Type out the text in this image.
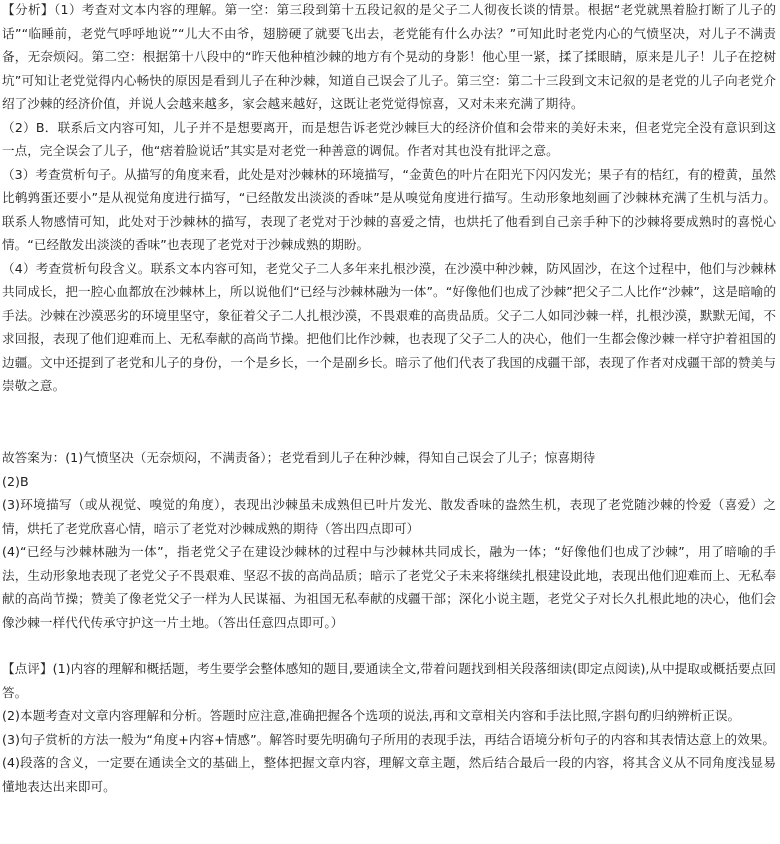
【分析】（1）考查对文本内容的理解。第一空：第三段到第十五段记叙的是父子二人彻夜长谈的情景。根据“老党就黑着脸打断了儿子的话”“临睡前，老党气呼呼地说”“儿大不由爷，翅膀硬了就要飞出去，老党能有什么办法？”可知此时老党内心的气愤坚决，对儿子不满责备，无奈烦闷。第二空：根据第十八段中的“昨天他种植沙棘的地方有个晃动的身影！他心里一紧，揉了揉眼睛，原来是儿子！儿子在挖树坑”可知让老党觉得内心畅快的原因是看到儿子在种沙棘，知道自己误会了儿子。第三空：第二十三段到文末记叙的是老党的儿子向老党介绍了沙棘的经济价值，并说人会越来越多，家会越来越好，这既让老党觉得惊喜，又对未来充满了期待。

（2）B．联系后文内容可知，儿子并不是想要离开，而是想告诉老党沙棘巨大的经济价值和会带来的美好未来，但老党完全没有意识到这一点，完全误会了儿子，他“痞着脸说话”其实是对老党一种善意的调侃。作者对其也没有批评之意。

（3）考查赏析句子。从描写的角度来看，此处是对沙棘林的环境描写，“金黄色的叶片在阳光下闪闪发光；果子有的桔红，有的橙黄，虽然比鹌鹑蛋还要小”是从视觉角度进行描写，“已经散发出淡淡的香味”是从嗅觉角度进行描写。生动形象地刻画了沙棘林充满了生机与活力。联系人物感情可知，此处对于沙棘林的描写，表现了老党对于沙棘的喜爱之情，也烘托了他看到自己亲手种下的沙棘将要成熟时的喜悦心情。“已经散发出淡淡的香味”也表现了老党对于沙棘成熟的期盼。

（4）考查赏析句段含义。联系文本内容可知，老党父子二人多年来扎根沙漠，在沙漠中种沙棘，防风固沙，在这个过程中，他们与沙棘林共同成长，把一腔心血都放在沙棘林上，所以说他们“已经与沙棘林融为一体”。“好像他们也成了沙棘”把父子二人比作“沙棘”，这是暗喻的手法。沙棘在沙漠恶劣的环境里坚守，象征着父子二人扎根沙漠，不畏艰难的高贵品质。父子二人如同沙棘一样，扎根沙漠，默默无闻，不求回报，表现了他们迎难而上、无私奉献的高尚节操。把他们比作沙棘，也表现了父子二人的决心，他们一生都会像沙棘一样守护着祖国的边疆。文中还提到了老党和儿子的身份，一个是乡长，一个是副乡长。暗示了他们代表了我国的戍疆干部，表现了作者对戍疆干部的赞美与崇敬之意。

故答案为：(1)气愤坚决（无奈烦闷，不满责备）；老党看到儿子在种沙棘，得知自己误会了儿子；惊喜期待

(2)B

(3)环境描写（或从视觉、嗅觉的角度），表现出沙棘虽未成熟但已叶片发光、散发香味的盎然生机，表现了老党随沙棘的怜爱（喜爱）之情，烘托了老党欣喜心情，暗示了老党对沙棘成熟的期待（答出四点即可）

(4)“已经与沙棘林融为一体”，指老党父子在建设沙棘林的过程中与沙棘林共同成长，融为一体；“好像他们也成了沙棘”，用了暗喻的手法，生动形象地表现了老党父子不畏艰难、坚忍不拔的高尚品质；暗示了老党父子未来将继续扎根建设此地，表现出他们迎难而上、无私奉献的高尚节操；赞美了像老党父子一样为人民谋福、为祖国无私奉献的戍疆干部；深化小说主题，老党父子对长久扎根此地的决心，他们会像沙棘一样代代传承守护这一片土地。（答出任意四点即可。）

【点评】(1)内容的理解和概括题，考生要学会整体感知的题目,要通读全文,带着问题找到相关段落细读(即定点阅读),从中提取或概括要点回答。

(2)本题考查对文章内容理解和分析。答题时应注意,准确把握各个选项的说法,再和文章相关内容和手法比照,字斟句酌归纳辨析正误。

(3)句子赏析的方法一般为“角度+内容+情感”。解答时要先明确句子所用的表现手法，再结合语境分析句子的内容和其表情达意上的效果。

(4)段落的含义，一定要在通读全文的基础上，整体把握文章内容，理解文章主题，然后结合最后一段的内容，将其含义从不同角度浅显易懂地表达出来即可。
